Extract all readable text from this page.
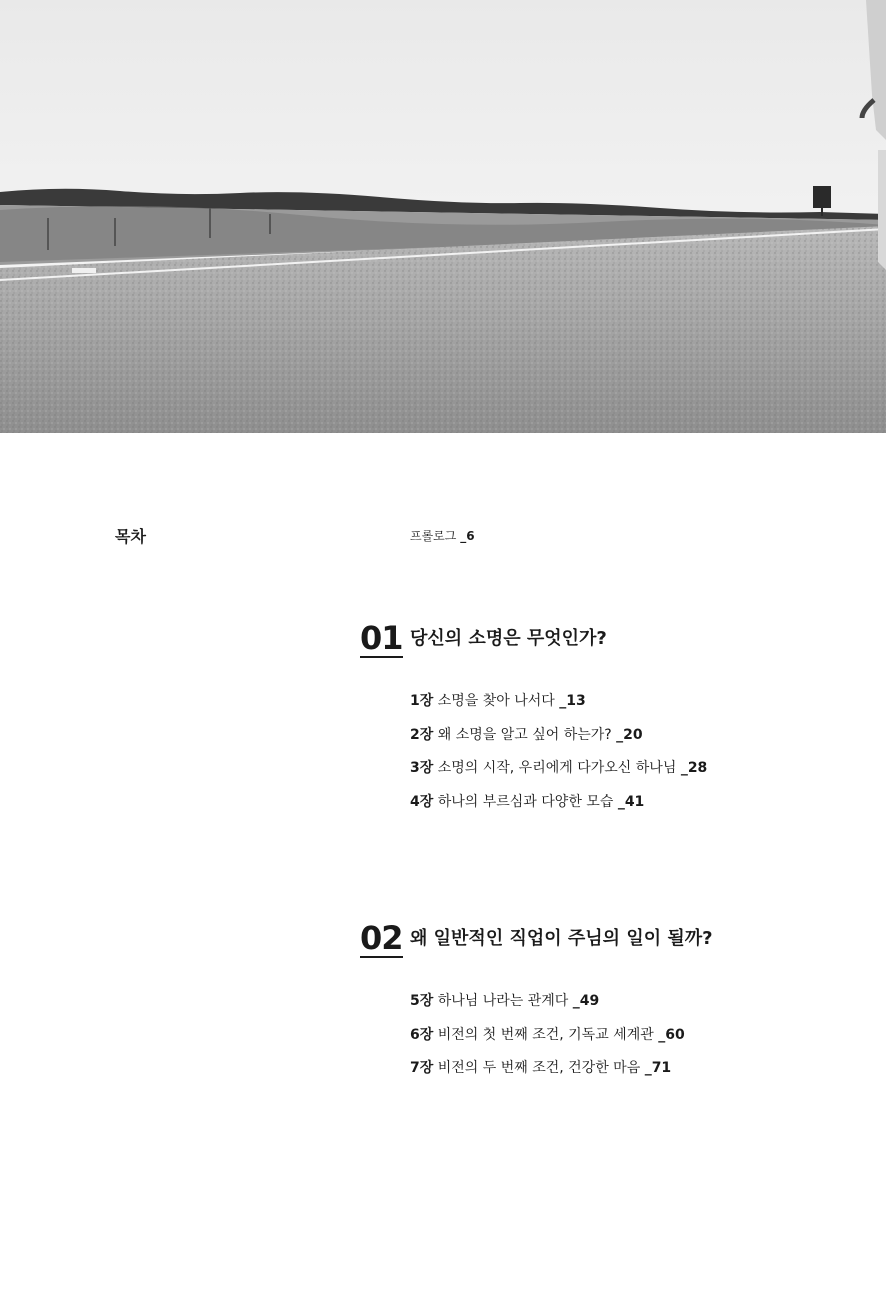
목차	프롤로그 _6
01 당신의 소명은 무엇인가?
1장 소명을 찾아 나서다 _13
2장 왜 소명을 알고 싶어 하는가? _20
3장 소명의 시작, 우리에게 다가오신 하나님 _28
4장 하나의 부르심과 다양한 모습 _41
02 왜 일반적인 직업이 주님의 일이 될까?
5장 하나님 나라는 관계다 _49
6장 비전의 첫 번째 조건, 기독교 세계관 _60
7장 비전의 두 번째 조건, 건강한 마음 _71
